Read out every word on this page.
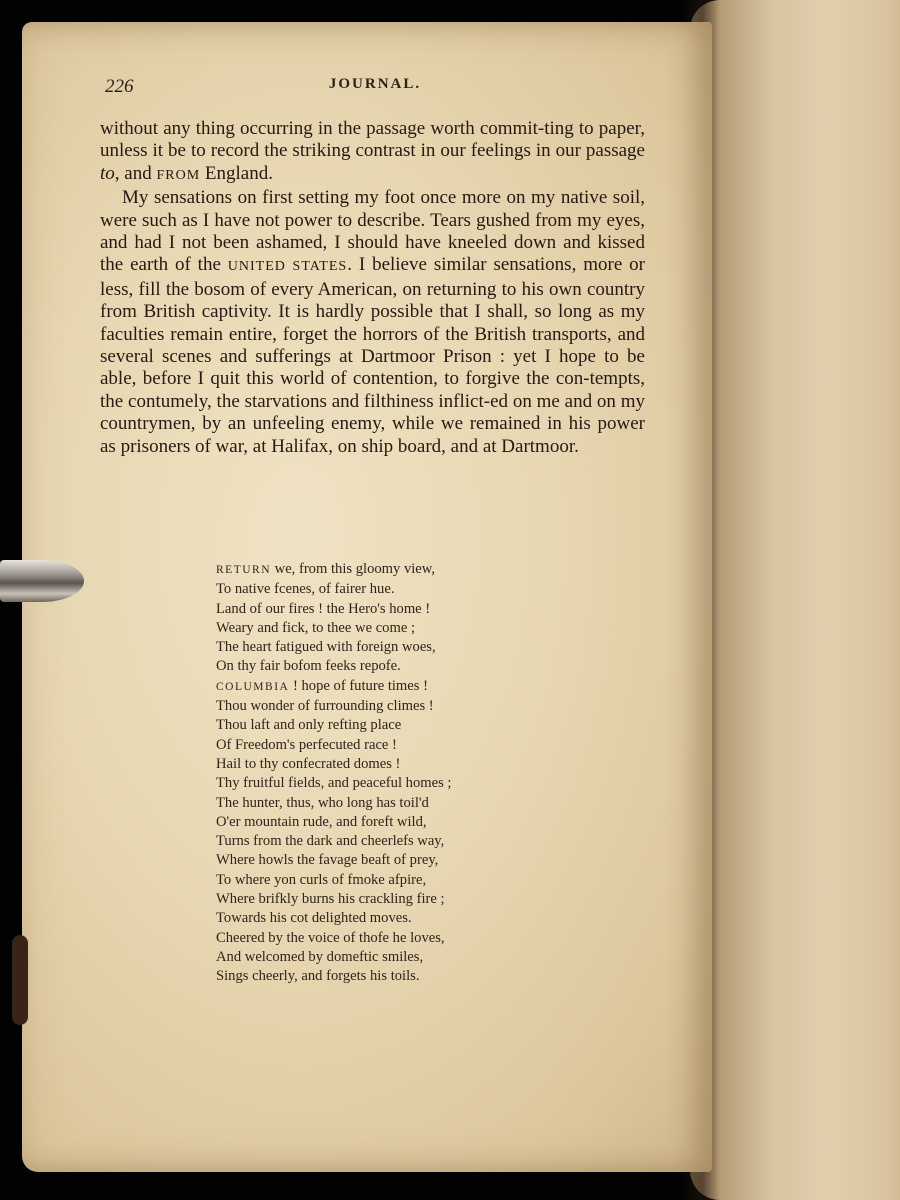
226	JOURNAL.

without any thing occurring in the passage worth commit-ting to paper, unless it be to record the striking contrast in our feelings in our passage to, and FROM England.

My sensations on first setting my foot once more on my native soil, were such as I have not power to describe. Tears gushed from my eyes, and had I not been ashamed, I should have kneeled down and kissed the earth of the UNITED STATES. I believe similar sensations, more or less, fill the bosom of every American, on returning to his own country from British captivity. It is hardly possible that I shall, so long as my faculties remain entire, forget the horrors of the British transports, and several scenes and sufferings at Dartmoor Prison : yet I hope to be able, before I quit this world of contention, to forgive the con-tempts, the contumely, the starvations and filthiness inflict-ed on me and on my countrymen, by an unfeeling enemy, while we remained in his power as prisoners of war, at Halifax, on ship board, and at Dartmoor.

RETURN we, from this gloomy view,
To native fcenes, of fairer hue.
Land of our fires ! the Hero's home !
Weary and fick, to thee we come ;
The heart fatigued with foreign woes,
On thy fair bofom feeks repofe.
COLUMBIA ! hope of future times !
Thou wonder of furrounding climes !
Thou laft and only refting place
Of Freedom's perfecuted race !
Hail to thy confecrated domes !
Thy fruitful fields, and peaceful homes ;
The hunter, thus, who long has toil'd
O'er mountain rude, and foreft wild,
Turns from the dark and cheerlefs way,
Where howls the favage beaft of prey,
To where yon curls of fmoke afpire,
Where brifkly burns his crackling fire ;
Towards his cot delighted moves.
Cheered by the voice of thofe he loves,
And welcomed by domeftic smiles,
Sings cheerly, and forgets his toils.
